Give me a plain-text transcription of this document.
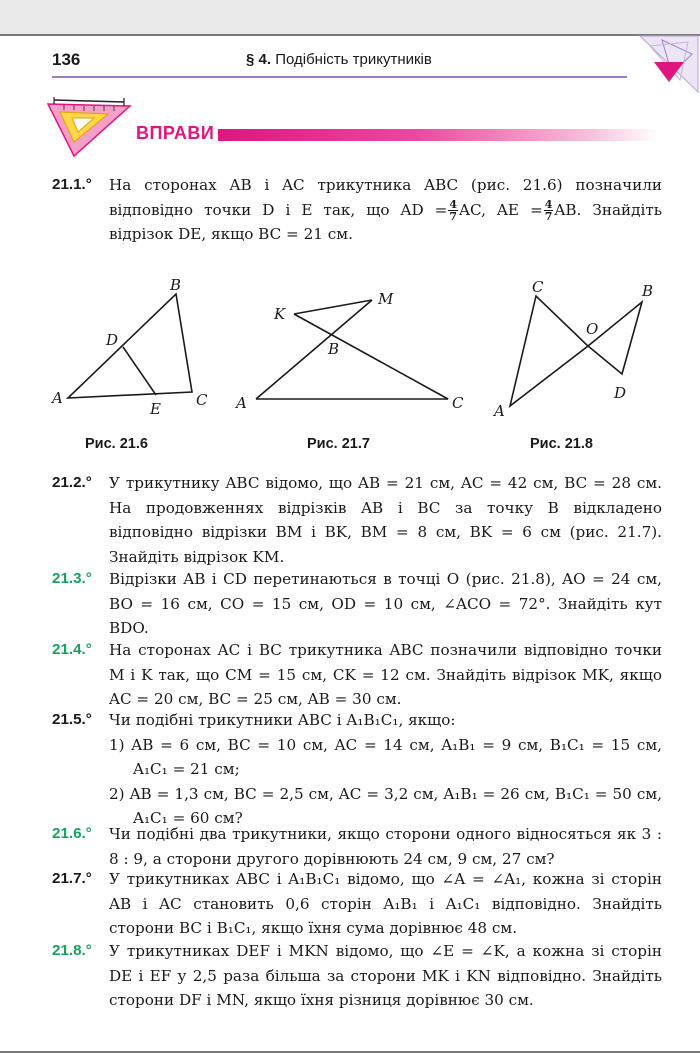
136	§ 4. Подібність трикутників
ВПРАВИ
21.1.° На сторонах AB і AC трикутника ABC (рис. 21.6) позначили відповідно точки D і E так, що AD = $\frac{4}{7}$ AC, AE = $\frac{4}{7}$ AB. Знайдіть відрізок DE, якщо BC = 21 см.
A
B
C
D
E
Рис. 21.6
A	C
K
M
B
Рис. 21.7
A
C
O
B
D
Рис. 21.8
21.2.° У трикутнику ABC відомо, що AB = 21 см, AC = 42 см, BC = 28 см. На продовженнях відрізків AB і BC за точку B відкладено відповідно відрізки BM і BK, BM = 8 см, BK = 6 см (рис. 21.7). Знайдіть відрізок KM.
21.3.° Відрізки AB і CD перетинаються в точці O (рис. 21.8), AO = 24 см, BO = 16 см, CO = 15 см, OD = 10 см, ∠ACO = 72°. Знайдіть кут BDO.
21.4.° На сторонах AC і BC трикутника ABC позначили відповідно точки M і K так, що CM = 15 см, CK = 12 см. Знайдіть відрізок MK, якщо AC = 20 см, BC = 25 см, AB = 30 см.
21.5.° Чи подібні трикутники ABC і A₁B₁C₁, якщо:
1) AB = 6 см, BC = 10 см, AC = 14 см, A₁B₁ = 9 см, B₁C₁ = 15 см, A₁C₁ = 21 см;
2) AB = 1,3 см, BC = 2,5 см, AC = 3,2 см, A₁B₁ = 26 см, B₁C₁ = 50 см, A₁C₁ = 60 см?
21.6.° Чи подібні два трикутники, якщо сторони одного відносяться як 3 : 8 : 9, а сторони другого дорівнюють 24 см, 9 см, 27 см?
21.7.° У трикутниках ABC і A₁B₁C₁ відомо, що ∠A = ∠A₁, кожна зі сторін AB і AC становить 0,6 сторін A₁B₁ і A₁C₁ відповідно. Знайдіть сторони BC і B₁C₁, якщо їхня сума дорівнює 48 см.
21.8.° У трикутниках DEF і MKN відомо, що ∠E = ∠K, а кожна зі сторін DE і EF у 2,5 раза більша за сторони MK і KN відповідно. Знайдіть сторони DF і MN, якщо їхня різниця дорівнює 30 см.
